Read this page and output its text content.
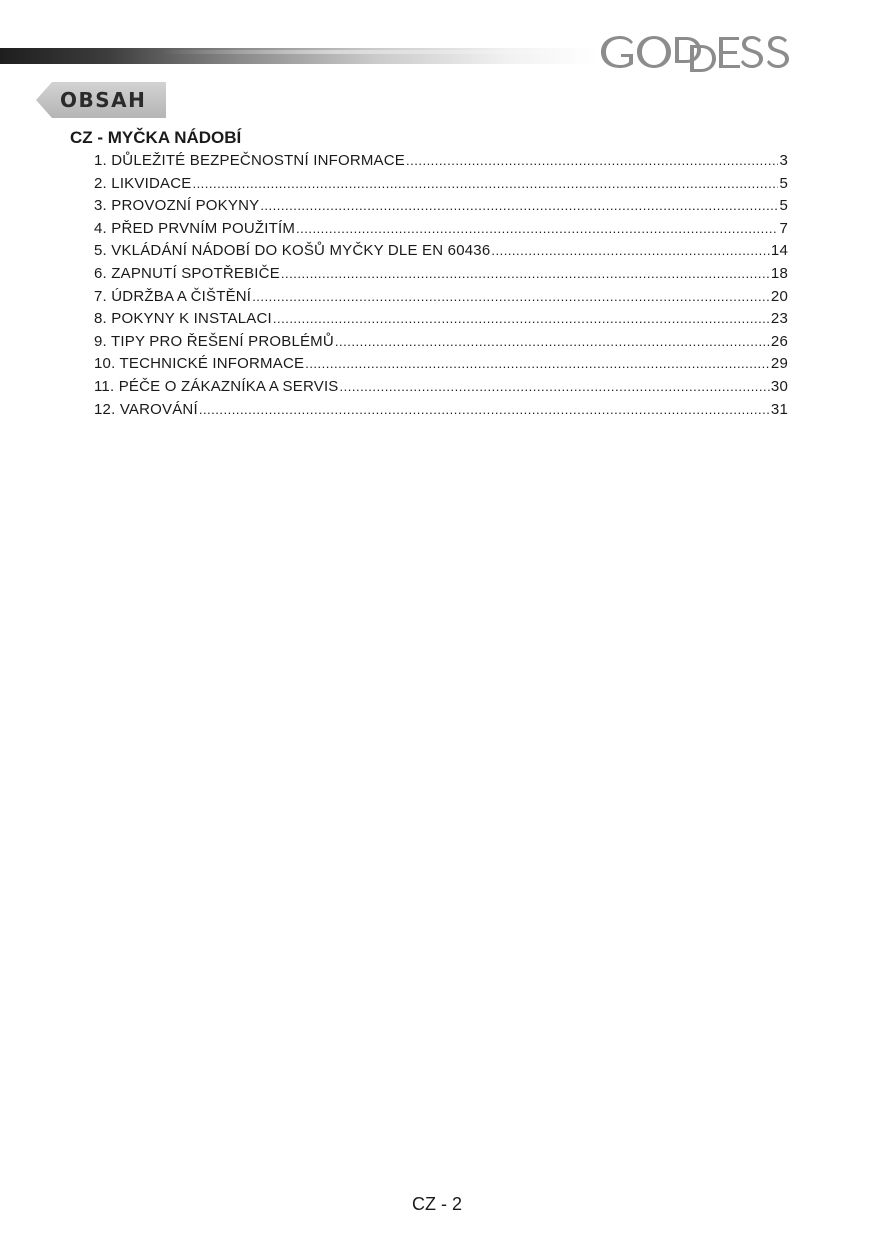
OBSAH
CZ - MYČKA NÁDOBÍ
1. DŮLEŽITÉ BEZPEČNOSTNÍ INFORMACE .....	3
2. LIKVIDACE .....	5
3. PROVOZNÍ POKYNY .....	5
4. PŘED PRVNÍM POUŽITÍM .....	7
5. VKLÁDÁNÍ NÁDOBÍ DO KOŠŮ MYČKY DLE EN 60436 .....	14
6. ZAPNUTÍ SPOTŘEBIČE .....	18
7. ÚDRŽBA A ČIŠTĚNÍ .....	20
8. POKYNY K INSTALACI .....	23
9. TIPY PRO ŘEŠENÍ PROBLÉMŮ .....	26
10. TECHNICKÉ INFORMACE .....	29
11. PÉČE O ZÁKAZNÍKA A SERVIS .....	30
12. VAROVÁNÍ .....	31
CZ - 2
